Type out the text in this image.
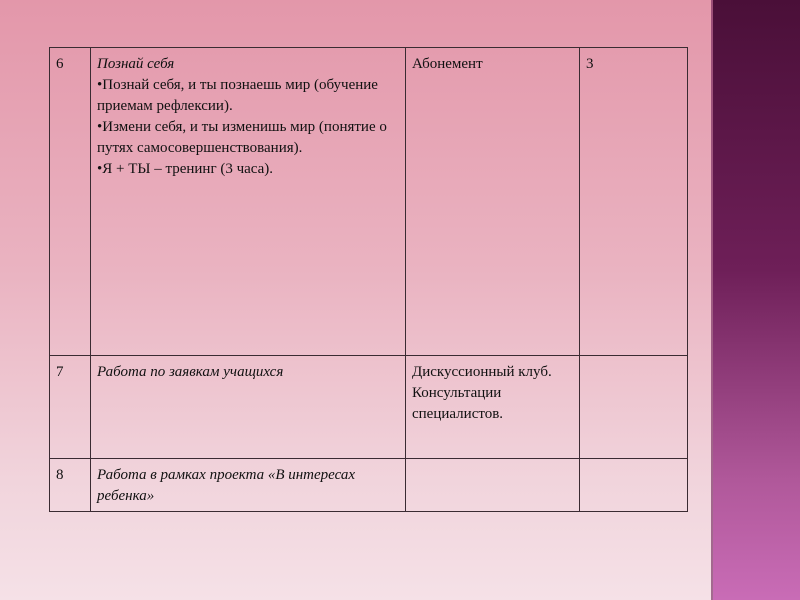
6	Познай себя
•Познай себя, и ты познаешь мир (обучение приемам рефлексии).
•Измени себя, и ты изменишь мир (понятие о путях самосовершенствования).
•Я + ТЫ – тренинг (3 часа).	Абонемент	3
7	Работа по заявкам учащихся	Дискуссионный клуб. Консультации специалистов.	
8	Работа в рамках проекта «В интересах ребенка»		
